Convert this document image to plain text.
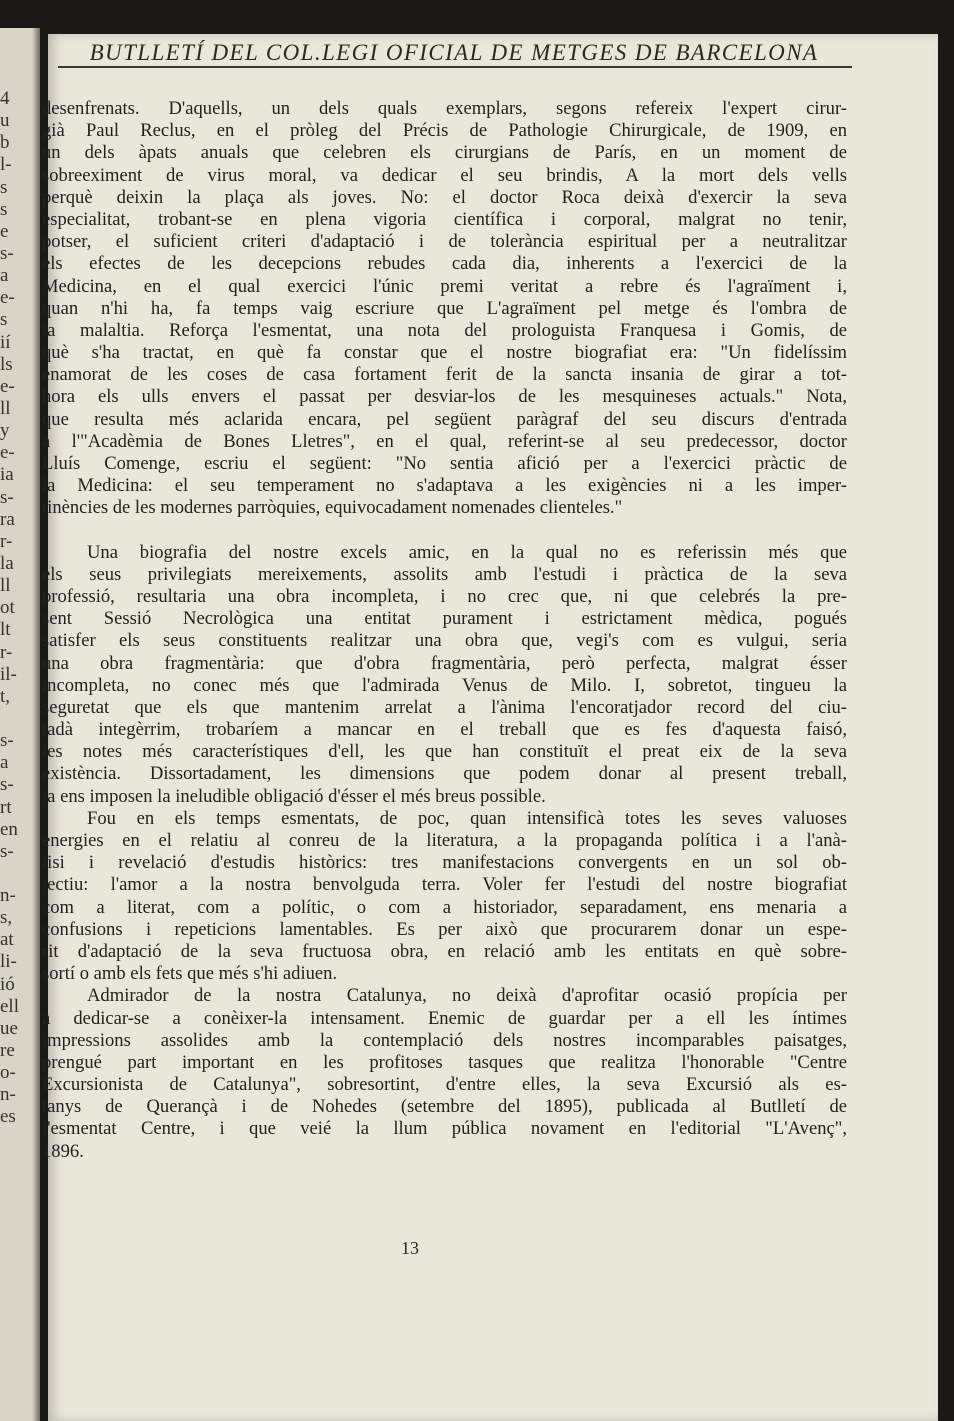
4
u
b
l-
s
s
e
s-
a
e-
s
ií
ls
e-
ll
y
e-
ia
s-
ra
r-
la
ll
ot
lt
r-
il-
t,
s-
a
s-
rt
en
s-
n-
s,
at
li-
ió
ell
ue
re
o-
n-
es
BUTLLETÍ DEL COL.LEGI OFICIAL DE METGES DE BARCELONA
desenfrenats. D'aquells, un dels quals exemplars, segons refereix l'expert cirur-
già Paul Reclus, en el pròleg del Précis de Pathologie Chirurgicale, de 1909, en
un dels àpats anuals que celebren els cirurgians de París, en un moment de
sobreeximent de virus moral, va dedicar el seu brindis, A la mort dels vells
perquè deixin la plaça als joves. No: el doctor Roca deixà d'exercir la seva
especialitat, trobant-se en plena vigoria científica i corporal, malgrat no tenir,
potser, el suficient criteri d'adaptació i de tolerància espiritual per a neutralitzar
els efectes de les decepcions rebudes cada dia, inherents a l'exercici de la
Medicina, en el qual exercici l'únic premi veritat a rebre és l'agraïment i,
quan n'hi ha, fa temps vaig escriure que L'agraïment pel metge és l'ombra de
la malaltia. Reforça l'esmentat, una nota del prologuista Franquesa i Gomis, de
què s'ha tractat, en què fa constar que el nostre biografiat era: "Un fidelíssim
enamorat de les coses de casa fortament ferit de la sancta insania de girar a tot-
hora els ulls envers el passat per desviar-los de les mesquineses actuals." Nota,
que resulta més aclarida encara, pel següent paràgraf del seu discurs d'entrada
a l'"Acadèmia de Bones Lletres", en el qual, referint-se al seu predecessor, doctor
Lluís Comenge, escriu el següent: "No sentia afició per a l'exercici pràctic de
la Medicina: el seu temperament no s'adaptava a les exigències ni a les imper-
tinències de les modernes parròquies, equivocadament nomenades clienteles."
Una biografia del nostre excels amic, en la qual no es referissin més que
els seus privilegiats mereixements, assolits amb l'estudi i pràctica de la seva
professió, resultaria una obra incompleta, i no crec que, ni que celebrés la pre-
sent Sessió Necrològica una entitat purament i estrictament mèdica, pogués
satisfer els seus constituents realitzar una obra que, vegi's com es vulgui, seria
una obra fragmentària: que d'obra fragmentària, però perfecta, malgrat ésser
incompleta, no conec més que l'admirada Venus de Milo. I, sobretot, tingueu la
seguretat que els que mantenim arrelat a l'ànima l'encoratjador record del ciu-
tadà integèrrim, trobaríem a mancar en el treball que es fes d'aquesta faisó,
les notes més característiques d'ell, les que han constituït el preat eix de la seva
existència. Dissortadament, les dimensions que podem donar al present treball,
ja ens imposen la ineludible obligació d'ésser el més breus possible.
Fou en els temps esmentats, de poc, quan intensificà totes les seves valuoses
energies en el relatiu al conreu de la literatura, a la propaganda política i a l'anà-
lisi i revelació d'estudis històrics: tres manifestacions convergents en un sol ob-
jectiu: l'amor a la nostra benvolguda terra. Voler fer l'estudi del nostre biografiat
com a literat, com a polític, o com a historiador, separadament, ens menaria a
confusions i repeticions lamentables. Es per això que procurarem donar un espe-
rit d'adaptació de la seva fructuosa obra, en relació amb les entitats en què sobre-
sortí o amb els fets que més s'hi adiuen.
Admirador de la nostra Catalunya, no deixà d'aprofitar ocasió propícia per
a dedicar-se a conèixer-la intensament. Enemic de guardar per a ell les íntimes
impressions assolides amb la contemplació dels nostres incomparables paisatges,
prengué part important en les profitoses tasques que realitza l'honorable "Centre
Excursionista de Catalunya", sobresortint, d'entre elles, la seva Excursió als es-
tanys de Querançà i de Nohedes (setembre del 1895), publicada al Butlletí de
l'esmentat Centre, i que veié la llum pública novament en l'editorial "L'Avenç",
1896.
13
